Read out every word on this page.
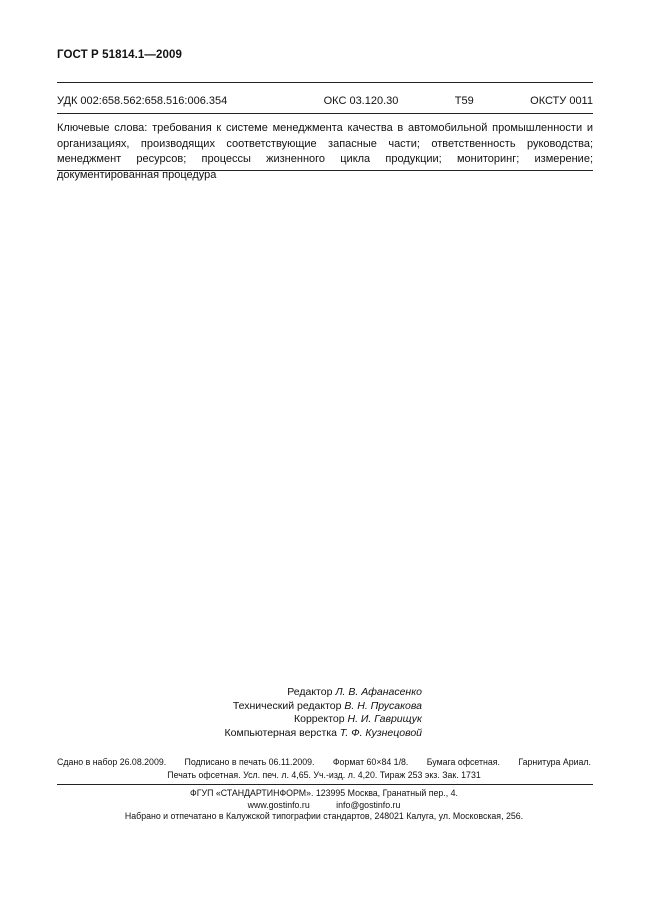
ГОСТ Р 51814.1—2009
УДК 002:658.562:658.516:006.354	ОКС 03.120.30	Т59	ОКСТУ 0011
Ключевые слова: требования к системе менеджмента качества в автомобильной промышленности и организациях, производящих соответствующие запасные части; ответственность руководства; менеджмент ресурсов; процессы жизненного цикла продукции; мониторинг; измерение; документированная процедура
Редактор Л. В. Афанасенко
Технический редактор В. Н. Прусакова
Корректор Н. И. Гаврищук
Компьютерная верстка Т. Ф. Кузнецовой
Сдано в набор 26.08.2009. Подписано в печать 06.11.2009. Формат 60×84 1/8. Бумага офсетная. Гарнитура Ариал.
Печать офсетная. Усл. печ. л. 4,65. Уч.-изд. л. 4,20. Тираж 253 экз. Зак. 1731
ФГУП «СТАНДАРТИНФОРМ». 123995 Москва, Гранатный пер., 4.
www.gostinfo.ru	info@gostinfo.ru
Набрано и отпечатано в Калужской типографии стандартов, 248021 Калуга, ул. Московская, 256.
